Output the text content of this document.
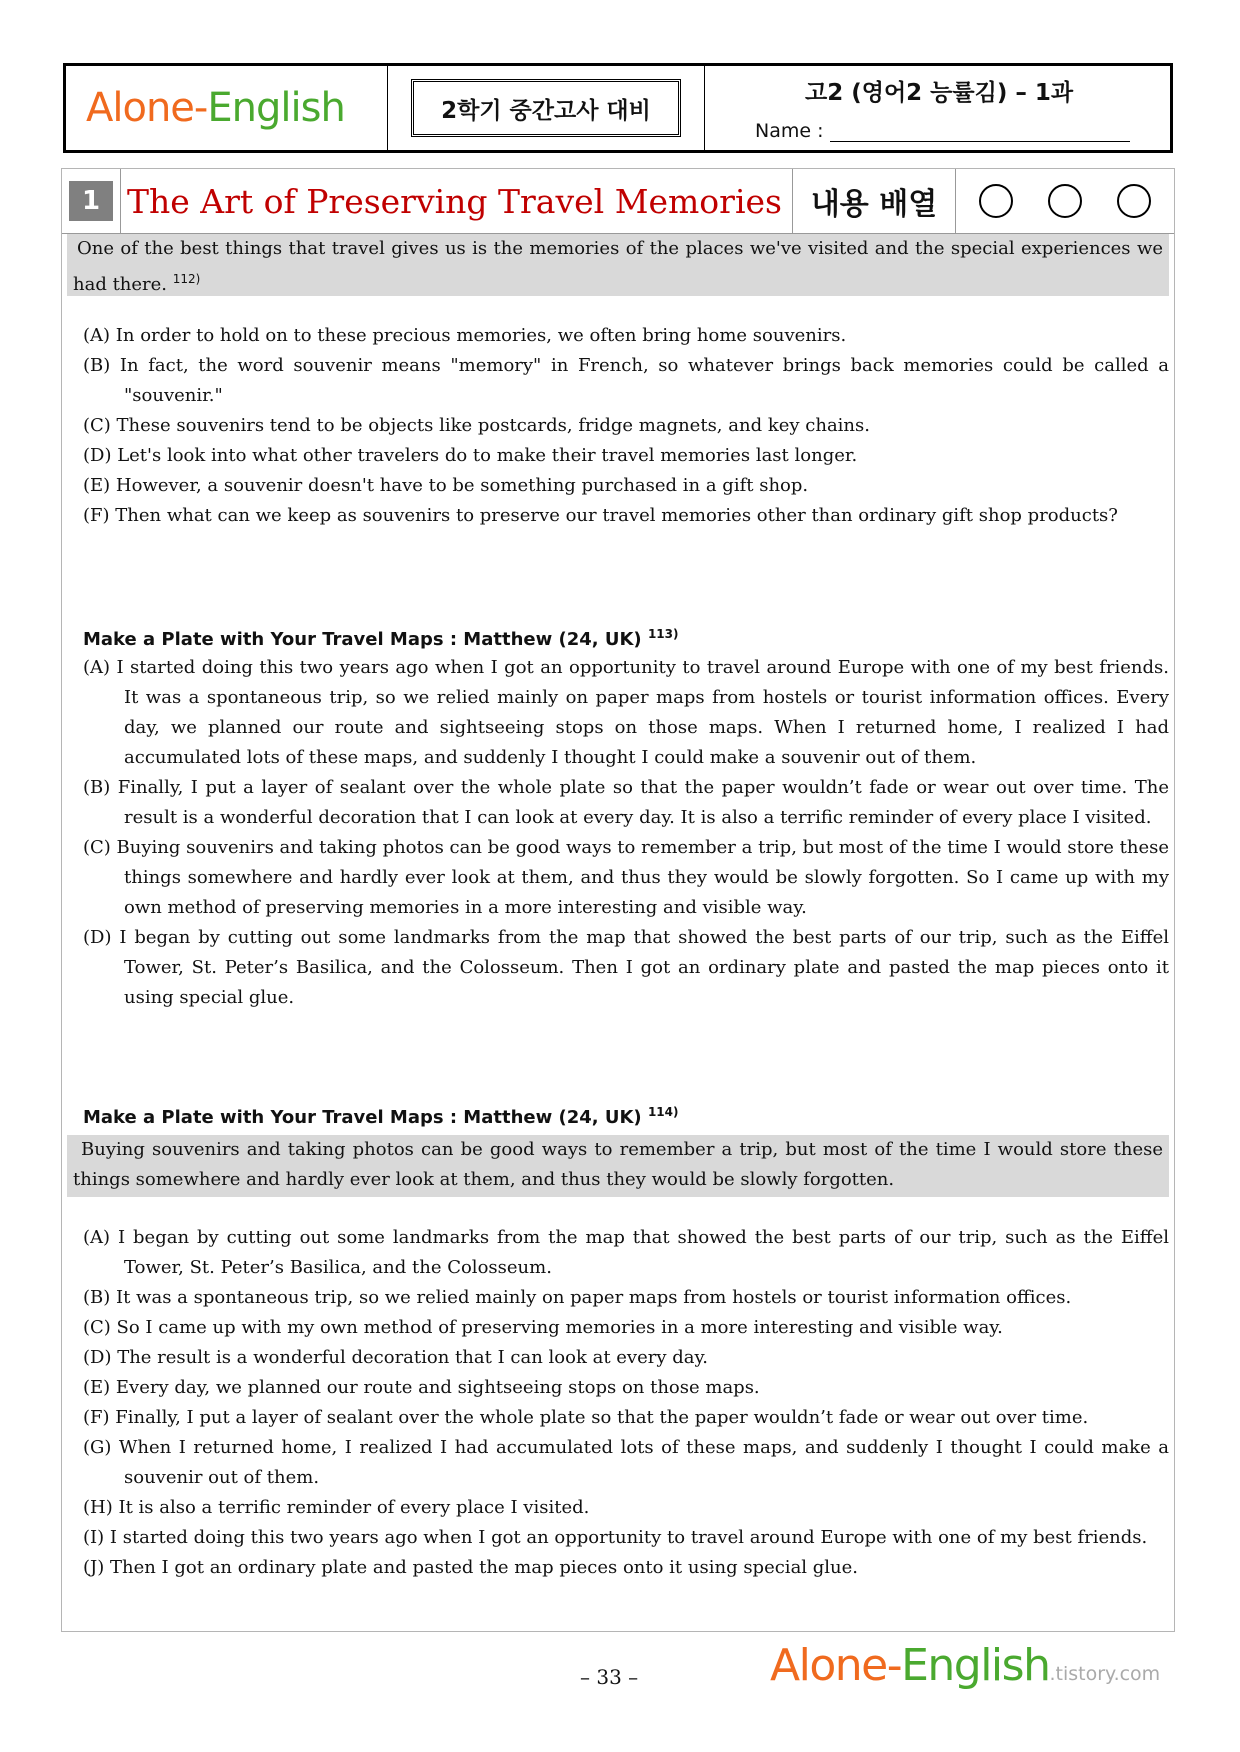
Alone - English	2학기 중간고사 대비
고2 (영어2 능률김) – 1과
Name :
1 The Art of Preserving Travel Memories 내용 배열
One of the best things that travel gives us is the memories of the places we've visited and the special experiences we had there. $^{112)}$
(A) In order to hold on to these precious memories, we often bring home souvenirs.
(B) In fact, the word souvenir means "memory" in French, so whatever brings back memories could be called a "souvenir."
(C) These souvenirs tend to be objects like postcards, fridge magnets, and key chains.
(D) Let's look into what other travelers do to make their travel memories last longer.
(E) However, a souvenir doesn't have to be something purchased in a gift shop.
(F) Then what can we keep as souvenirs to preserve our travel memories other than ordinary gift shop products?
Make a Plate with Your Travel Maps : Matthew (24, UK) $^{113)}$
(A) I started doing this two years ago when I got an opportunity to travel around Europe with one of my best friends. It was a spontaneous trip, so we relied mainly on paper maps from hostels or tourist information offices. Every day, we planned our route and sightseeing stops on those maps. When I returned home, I realized I had accumulated lots of these maps, and suddenly I thought I could make a souvenir out of them.
(B) Finally, I put a layer of sealant over the whole plate so that the paper wouldn’t fade or wear out over time. The result is a wonderful decoration that I can look at every day. It is also a terrific reminder of every place I visited.
(C) Buying souvenirs and taking photos can be good ways to remember a trip, but most of the time I would store these things somewhere and hardly ever look at them, and thus they would be slowly forgotten. So I came up with my own method of preserving memories in a more interesting and visible way.
(D) I began by cutting out some landmarks from the map that showed the best parts of our trip, such as the Eiffel Tower, St. Peter’s Basilica, and the Colosseum. Then I got an ordinary plate and pasted the map pieces onto it using special glue.
Make a Plate with Your Travel Maps : Matthew (24, UK) $^{114)}$
Buying souvenirs and taking photos can be good ways to remember a trip, but most of the time I would store these things somewhere and hardly ever look at them, and thus they would be slowly forgotten.
(A) I began by cutting out some landmarks from the map that showed the best parts of our trip, such as the Eiffel Tower, St. Peter’s Basilica, and the Colosseum.
(B) It was a spontaneous trip, so we relied mainly on paper maps from hostels or tourist information offices.
(C) So I came up with my own method of preserving memories in a more interesting and visible way.
(D) The result is a wonderful decoration that I can look at every day.
(E) Every day, we planned our route and sightseeing stops on those maps.
(F) Finally, I put a layer of sealant over the whole plate so that the paper wouldn’t fade or wear out over time.
(G) When I returned home, I realized I had accumulated lots of these maps, and suddenly I thought I could make a souvenir out of them.
(H) It is also a terrific reminder of every place I visited.
(I) I started doing this two years ago when I got an opportunity to travel around Europe with one of my best friends.
(J) Then I got an ordinary plate and pasted the map pieces onto it using special glue.
– 33 –	Alone-English.tistory.com
